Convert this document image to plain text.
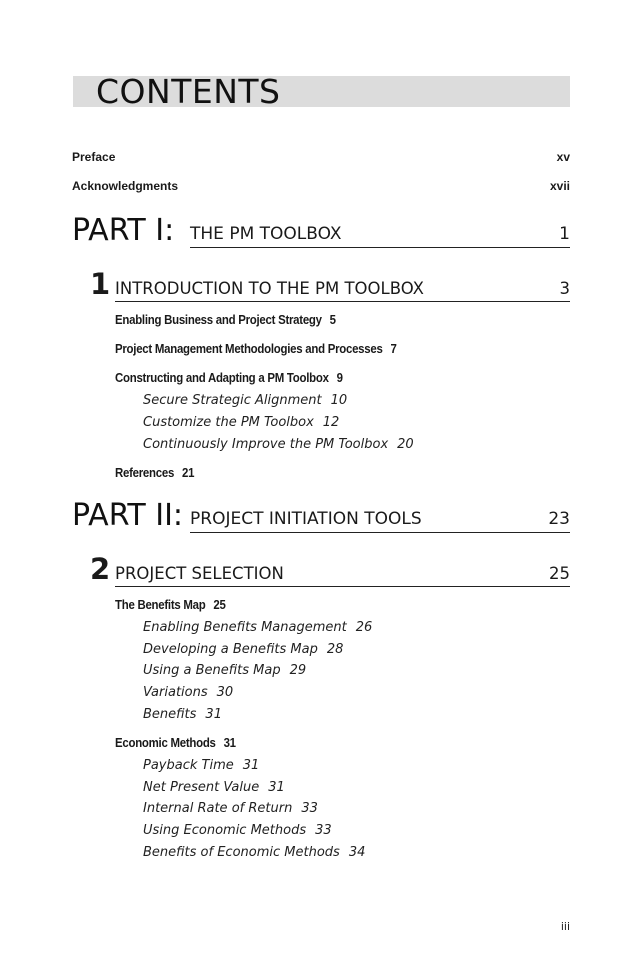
CONTENTS
Preface	xv
Acknowledgments	xvii
PART I: THE PM TOOLBOX	1
1 INTRODUCTION TO THE PM TOOLBOX	3
Enabling Business and Project Strategy 5
Project Management Methodologies and Processes 7
Constructing and Adapting a PM Toolbox 9
Secure Strategic Alignment 10
Customize the PM Toolbox 12
Continuously Improve the PM Toolbox 20
References 21
PART II: PROJECT INITIATION TOOLS	23
2 PROJECT SELECTION	25
The Benefits Map 25
Enabling Benefits Management 26
Developing a Benefits Map 28
Using a Benefits Map 29
Variations 30
Benefits 31
Economic Methods 31
Payback Time 31
Net Present Value 31
Internal Rate of Return 33
Using Economic Methods 33
Benefits of Economic Methods 34
iii
